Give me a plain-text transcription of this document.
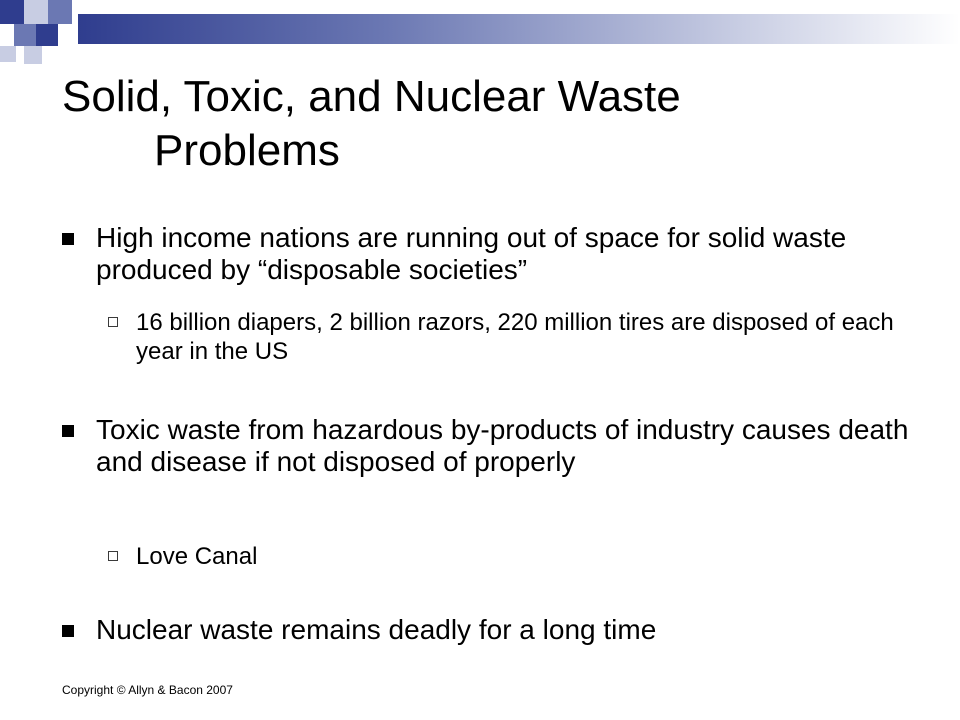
Solid, Toxic, and Nuclear Waste
Problems
High income nations are running out of space for solid waste produced by “disposable societies”
16 billion diapers, 2 billion razors, 220 million tires are disposed of each year in the US
Toxic waste from hazardous by-products of industry causes death and disease if not disposed of properly
Love Canal
Nuclear waste remains deadly for a long time
Copyright © Allyn & Bacon 2007
